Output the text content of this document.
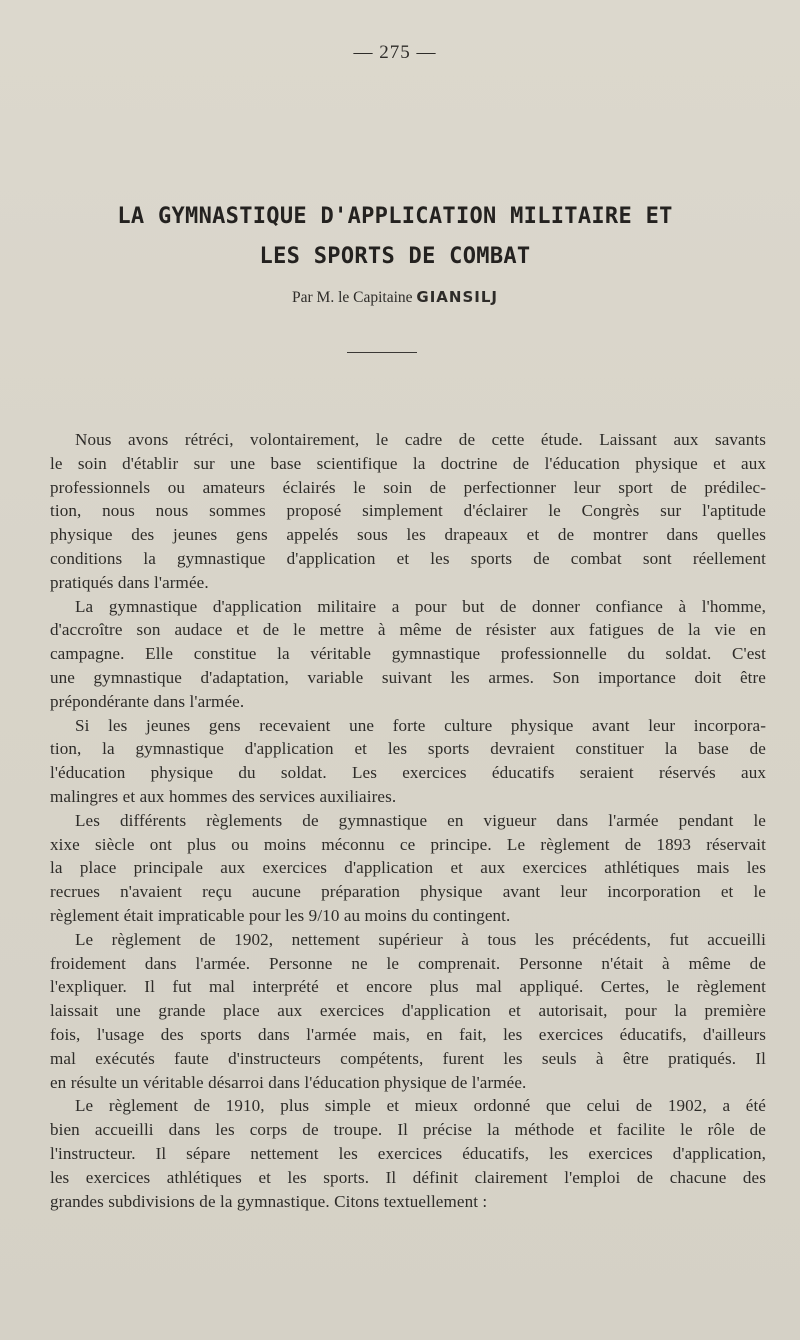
— 275 —
LA GYMNASTIQUE D'APPLICATION MILITAIRE ET
LES SPORTS DE COMBAT
Par M. le Capitaine GIANSILJ

Nous avons rétréci, volontairement, le cadre de cette étude. Laissant aux savants
le soin d'établir sur une base scientifique la doctrine de l'éducation physique et aux
professionnels ou amateurs éclairés le soin de perfectionner leur sport de prédilec-
tion, nous nous sommes proposé simplement d'éclairer le Congrès sur l'aptitude
physique des jeunes gens appelés sous les drapeaux et de montrer dans quelles
conditions la gymnastique d'application et les sports de combat sont réellement
pratiqués dans l'armée.

La gymnastique d'application militaire a pour but de donner confiance à l'homme,
d'accroître son audace et de le mettre à même de résister aux fatigues de la vie en
campagne. Elle constitue la véritable gymnastique professionnelle du soldat. C'est
une gymnastique d'adaptation, variable suivant les armes. Son importance doit être
prépondérante dans l'armée.

Si les jeunes gens recevaient une forte culture physique avant leur incorpora-
tion, la gymnastique d'application et les sports devraient constituer la base de
l'éducation physique du soldat. Les exercices éducatifs seraient réservés aux
malingres et aux hommes des services auxiliaires.

Les différents règlements de gymnastique en vigueur dans l'armée pendant le
xixe siècle ont plus ou moins méconnu ce principe. Le règlement de 1893 réservait
la place principale aux exercices d'application et aux exercices athlétiques mais les
recrues n'avaient reçu aucune préparation physique avant leur incorporation et le
règlement était impraticable pour les 9/10 au moins du contingent.

Le règlement de 1902, nettement supérieur à tous les précédents, fut accueilli
froidement dans l'armée. Personne ne le comprenait. Personne n'était à même de
l'expliquer. Il fut mal interprété et encore plus mal appliqué. Certes, le règlement
laissait une grande place aux exercices d'application et autorisait, pour la première
fois, l'usage des sports dans l'armée mais, en fait, les exercices éducatifs, d'ailleurs
mal exécutés faute d'instructeurs compétents, furent les seuls à être pratiqués. Il
en résulte un véritable désarroi dans l'éducation physique de l'armée.

Le règlement de 1910, plus simple et mieux ordonné que celui de 1902, a été
bien accueilli dans les corps de troupe. Il précise la méthode et facilite le rôle de
l'instructeur. Il sépare nettement les exercices éducatifs, les exercices d'application,
les exercices athlétiques et les sports. Il définit clairement l'emploi de chacune des
grandes subdivisions de la gymnastique. Citons textuellement :
